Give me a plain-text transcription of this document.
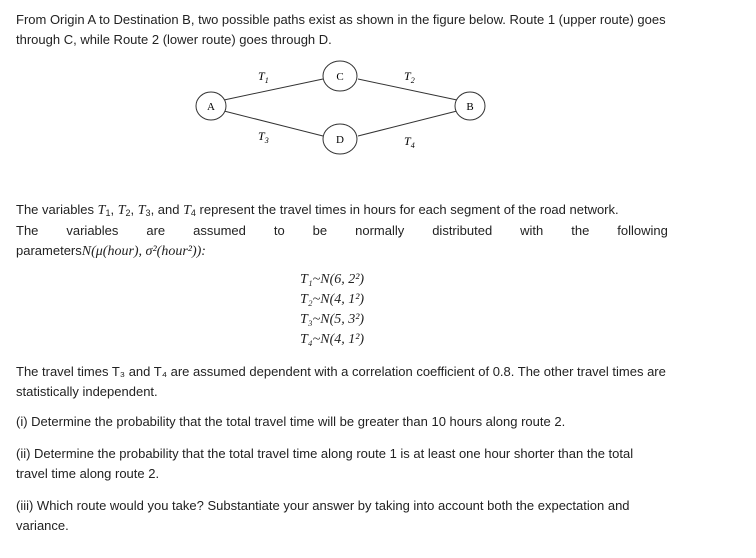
From Origin A to Destination B, two possible paths exist as shown in the figure below. Route 1 (upper route) goes through C, while Route 2 (lower route) goes through D.
A	B
C
D
$T_1$	$T_2$
$T_3$	$T_4$
The variables $T_1$, $T_2$, $T_3$, and $T_4$ represent the travel times in hours for each segment of the road network.
The variables are assumed to be normally distributed with the following
parametersN(μ(hour), σ²(hour²)):
T₁~N(6, 2²)
T₂~N(4, 1²)
T₃~N(5, 3²)
T₄~N(4, 1²)
The travel times T₃ and T₄ are assumed dependent with a correlation coefficient of 0.8. The other travel times are statistically independent.
(i) Determine the probability that the total travel time will be greater than 10 hours along route 2.
(ii) Determine the probability that the total travel time along route 1 is at least one hour shorter than the total travel time along route 2.
(iii) Which route would you take? Substantiate your answer by taking into account both the expectation and variance.
